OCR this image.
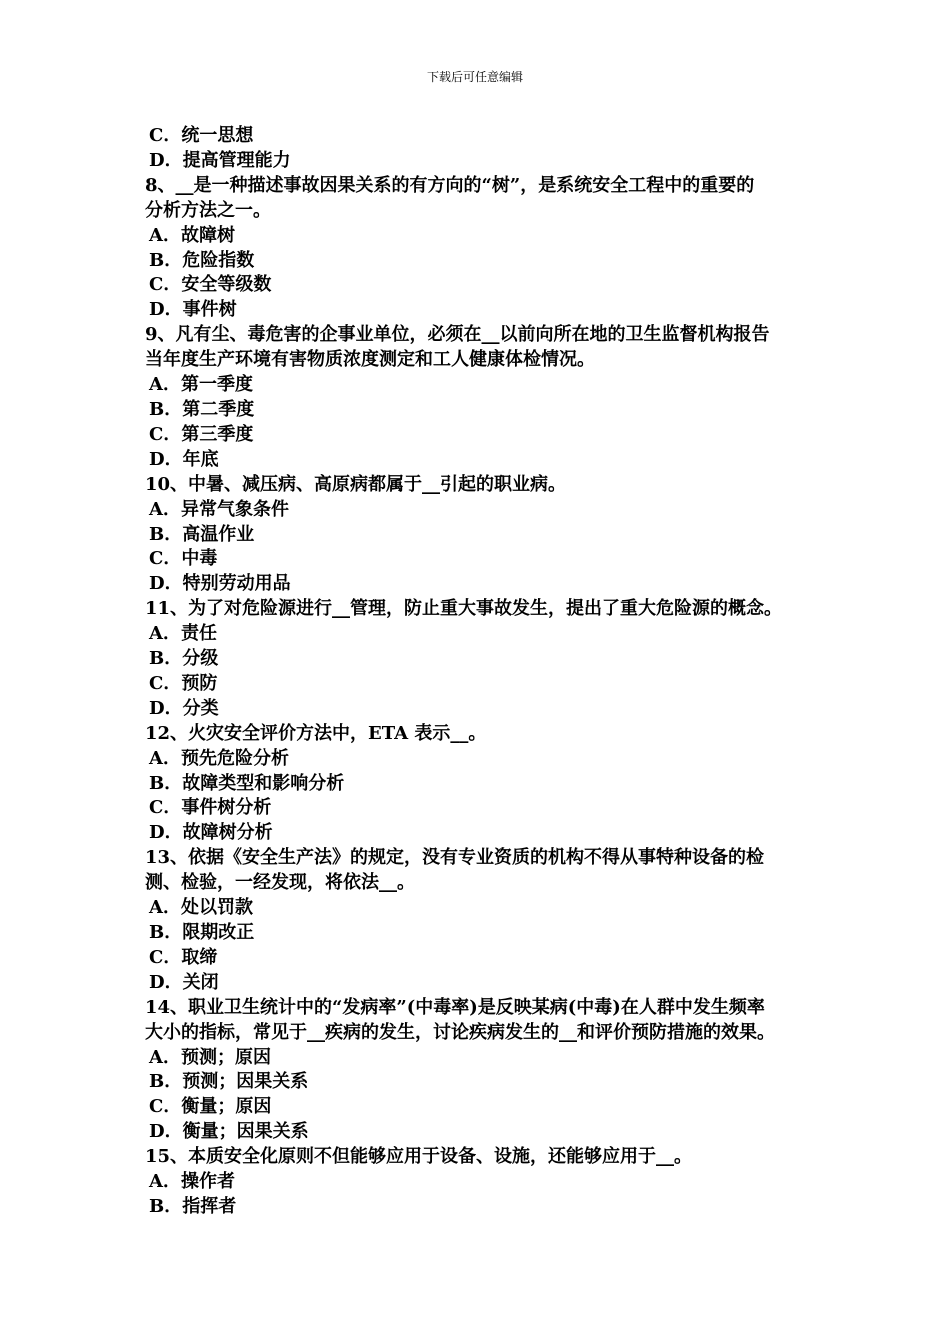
下载后可任意编辑
C．统一思想
D．提高管理能力
8、__是一种描述事故因果关系的有方向的“树”，是系统安全工程中的重要的
分析方法之一。
A．故障树
B．危险指数
C．安全等级数
D．事件树
9、凡有尘、毒危害的企事业单位，必须在__以前向所在地的卫生监督机构报告
当年度生产环境有害物质浓度测定和工人健康体检情况。
A．第一季度
B．第二季度
C．第三季度
D．年底
10、中暑、减压病、高原病都属于__引起的职业病。
A．异常气象条件
B．高温作业
C．中毒
D．特别劳动用品
11、为了对危险源进行__管理，防止重大事故发生，提出了重大危险源的概念。
A．责任
B．分级
C．预防
D．分类
12、火灾安全评价方法中，ETA 表示__。
A．预先危险分析
B．故障类型和影响分析
C．事件树分析
D．故障树分析
13、依据《安全生产法》的规定，没有专业资质的机构不得从事特种设备的检
测、检验，一经发现，将依法__。
A．处以罚款
B．限期改正
C．取缔
D．关闭
14、职业卫生统计中的“发病率”(中毒率)是反映某病(中毒)在人群中发生频率
大小的指标，常见于__疾病的发生，讨论疾病发生的__和评价预防措施的效果。
A．预测；原因
B．预测；因果关系
C．衡量；原因
D．衡量；因果关系
15、本质安全化原则不但能够应用于设备、设施，还能够应用于__。
A．操作者
B．指挥者
